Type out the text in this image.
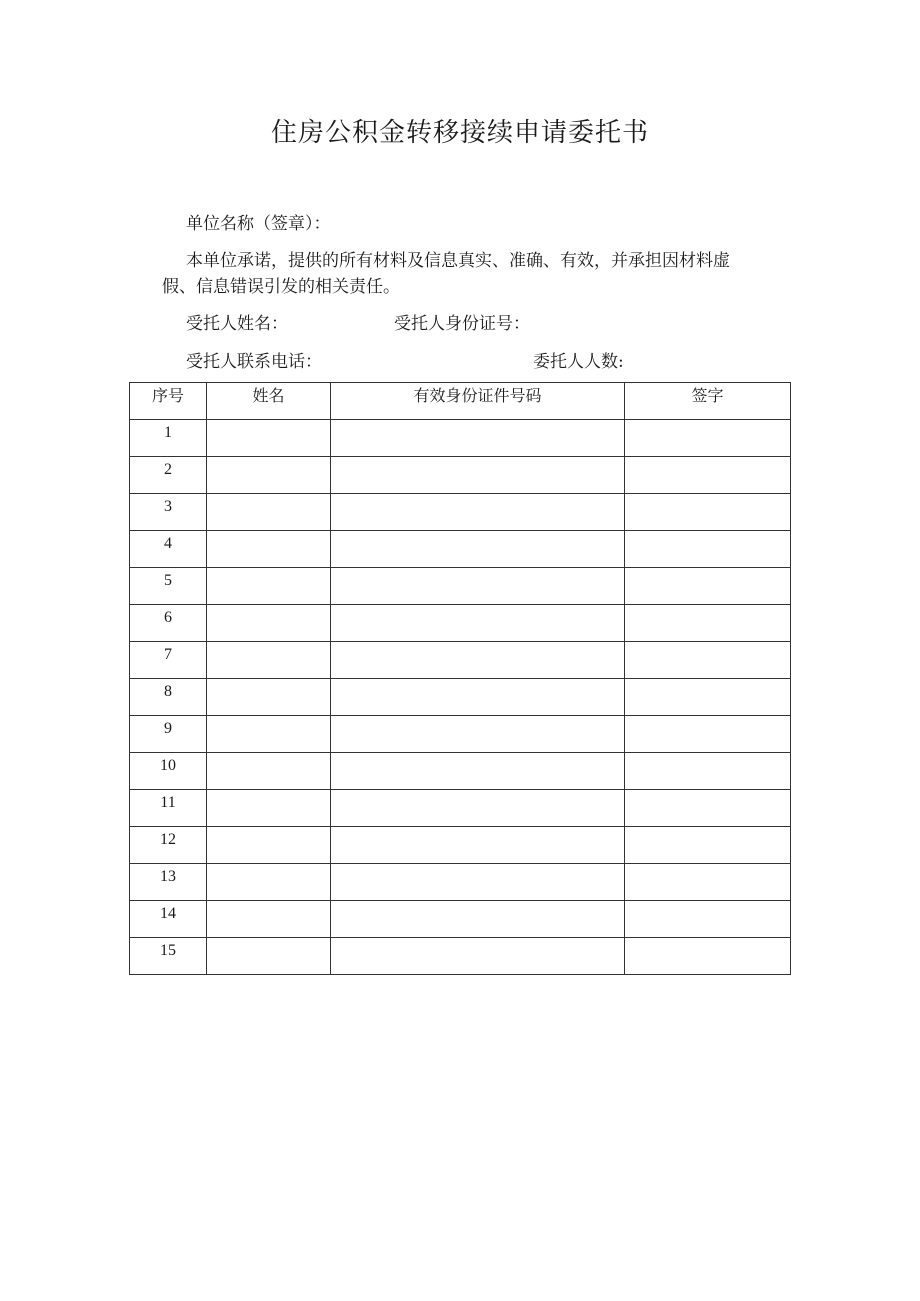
住房公积金转移接续申请委托书
单位名称（签章）：
本单位承诺，提供的所有材料及信息真实、准确、有效，并承担因材料虚
假、信息错误引发的相关责任。
受托人姓名：	受托人身份证号：
受托人联系电话：	委托人人数:
序号	姓名	有效身份证件号码	签字
1			
2			
3			
4			
5			
6			
7			
8			
9			
10			
11			
12			
13			
14			
15			
